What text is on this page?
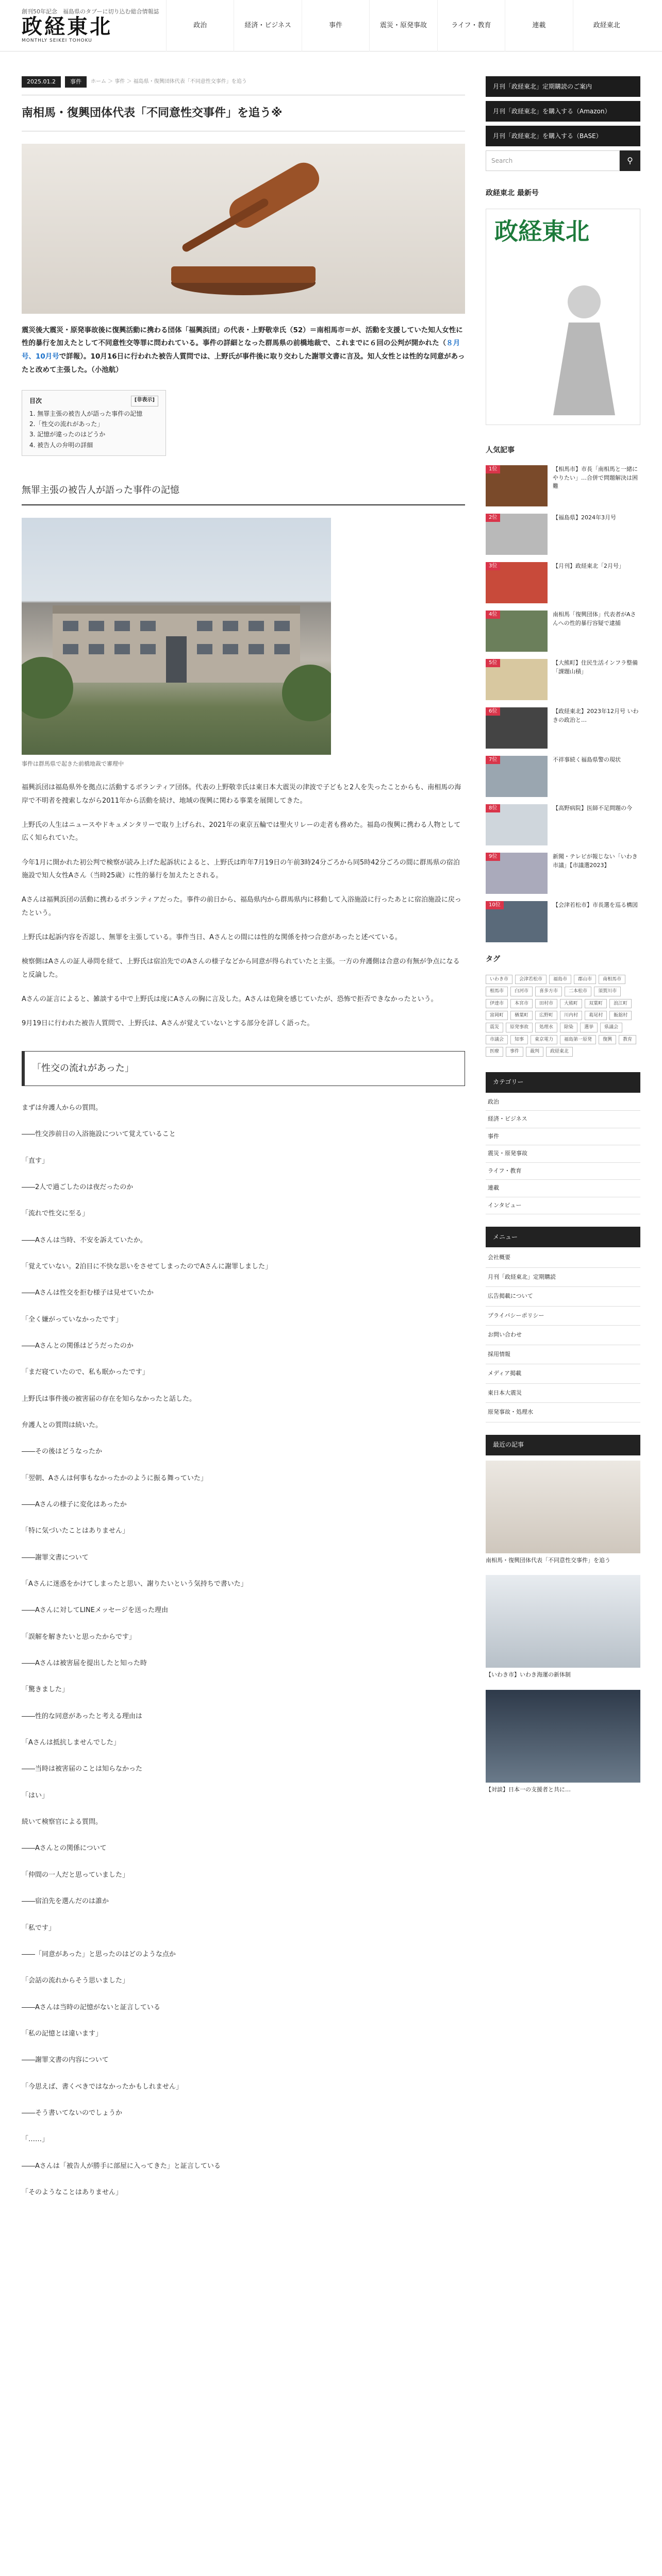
創刊50年記念　福島県のタブーに切り込む総合情報誌
政経東北
MONTHLY SEIKEI TOHOKU
政治	経済・ビジネス	事件	震災・原発事故	ライフ・教育	連載	政経東北
2025.01.2	事件	ホーム ＞ 事件 ＞ 福島県・復興団体代表「不同意性交事件」を追う
南相馬・復興団体代表「不同意性交事件」を追う※

震災後大震災・原発事故後に復興活動に携わる団体「福興浜団」の代表・上野敬幸氏（52）＝南相馬市＝が、活動を支援していた知人女性に性的暴行を加えたとして不同意性交等罪に問われている。事件の詳細となった群馬県の前橋地裁で、これまでに６回の公判が開かれた（８月号、10月号で詳報）。10月16日に行われた被告人質問では、上野氏が事件後に取り交わした謝罪文書に言及。知人女性とは性的な同意があったと改めて主張した。（小池航）

目次	[非表示]
1. 無罪主張の被告人が語った事件の記憶
2.「性交の流れがあった」
3. 記憶が違ったのはどうか
4. 被告人の弁明の詳細
無罪主張の被告人が語った事件の記憶
事件は群馬県で起きた前橋地裁で審理中

福興浜団は福島県外を拠点に活動するボランティア団体。代表の上野敬幸氏は東日本大震災の津波で子どもと2人を失ったことからも、南相馬の海岸で不明者を捜索しながら2011年から活動を続け、地域の復興に関わる事業を展開してきた。

上野氏の人生はニュースやドキュメンタリーで取り上げられ、2021年の東京五輪では聖火リレーの走者も務めた。福島の復興に携わる人物として広く知られていた。

今年1月に開かれた初公判で検察が読み上げた起訴状によると、上野氏は昨年7月19日の午前3時24分ごろから同5時42分ごろの間に群馬県の宿泊施設で知人女性Aさん（当時25歳）に性的暴行を加えたとされる。

Aさんは福興浜団の活動に携わるボランティアだった。事件の前日から、福島県内から群馬県内に移動して入浴施設に行ったあとに宿泊施設に戻ったという。

上野氏は起訴内容を否認し、無罪を主張している。事件当日、Aさんとの間には性的な関係を持つ合意があったと述べている。

検察側はAさんの証人尋問を経て、上野氏は宿泊先でのAさんの様子などから同意が得られていたと主張。一方の弁護側は合意の有無が争点になると反論した。

Aさんの証言によると、雑談する中で上野氏は度にAさんの胸に言及した。Aさんは危険を感じていたが、恐怖で拒否できなかったという。

9月19日に行われた被告人質問で、上野氏は、Aさんが覚えていないとする部分を詳しく語った。

「性交の流れがあった」

まずは弁護人からの質問。

――性交渉前日の入浴施設について覚えていること

「直す」

――2人で過ごしたのは夜だったのか

「流れで性交に至る」

――Aさんは当時、不安を訴えていたか。

「覚えていない。2泊目に不快な思いをさせてしまったのでAさんに謝罪しました」

――Aさんは性交を拒む様子は見せていたか

「全く嫌がっていなかったです」

――Aさんとの関係はどうだったのか

「まだ寝ていたので、私も眠かったです」

上野氏は事件後の被害届の存在を知らなかったと話した。

弁護人との質問は続いた。

――その後はどうなったか

「翌朝、Aさんは何事もなかったかのように振る舞っていた」

――Aさんの様子に変化はあったか

「特に気づいたことはありません」

――謝罪文書について

「Aさんに迷惑をかけてしまったと思い、謝りたいという気持ちで書いた」

――Aさんに対してLINEメッセージを送った理由

「誤解を解きたいと思ったからです」

――Aさんは被害届を提出したと知った時

「驚きました」

――性的な同意があったと考える理由は

「Aさんは抵抗しませんでした」

――当時は被害届のことは知らなかった

「はい」

続いて検察官による質問。

――Aさんとの関係について

「仲間の一人だと思っていました」

――宿泊先を選んだのは誰か

「私です」

――「同意があった」と思ったのはどのような点か

「会話の流れからそう思いました」

――Aさんは当時の記憶がないと証言している

「私の記憶とは違います」

――謝罪文書の内容について

「今思えば、書くべきではなかったかもしれません」

――そう書いてないのでしょうか

「……」

――Aさんは「被告人が勝手に部屋に入ってきた」と証言している

「そのようなことはありません」

月刊「政経東北」定期購読のご案内
月刊「政経東北」を購入する（Amazon）
月刊「政経東北」を購入する（BASE）
Search	⚲
政経東北 最新号
政経東北
人気記事
1位	【相馬市】市長「南相馬と一緒にやりたい」…合併で問題解決は困難
2位	【福島県】2024年3月号
3位	【月刊】政経東北「2月号」
4位	南相馬「復興団体」代表者がAさんへの性的暴行容疑で逮捕
5位	【大熊町】住民生活インフラ整備「課題山積」
6位	【政経東北】2023年12月号 いわきの政治と…
7位	不祥事続く福島県警の現状
8位	【高野病院】医師不足問題の今
9位	新聞・テレビが報じない「いわき市議」【市議選2023】
10位	【会津若松市】市長選を巡る構図
タグ
いわき市	会津若松市	福島市	郡山市	南相馬市
相馬市	白河市	喜多方市	二本松市	須賀川市
伊達市	本宮市	田村市	大熊町	双葉町	浪江町
富岡町	楢葉町	広野町	川内村	葛尾村	飯舘村
震災	原発事故	処理水	除染	選挙	県議会
市議会	知事	東京電力	福島第一原発	復興	教育
医療	事件	裁判	政経東北
カテゴリー
政治
経済・ビジネス
事件
震災・原発事故
ライフ・教育
連載
インタビュー
メニュー
会社概要
月刊「政経東北」定期購読
広告掲載について
プライバシーポリシー
お問い合わせ
採用情報
メディア掲載
東日本大震災
原発事故・処理水
最近の記事
南相馬・復興団体代表「不同意性交事件」を追う
【いわき市】いわき海運の新体制
【対談】日本一の支援者と共に…
